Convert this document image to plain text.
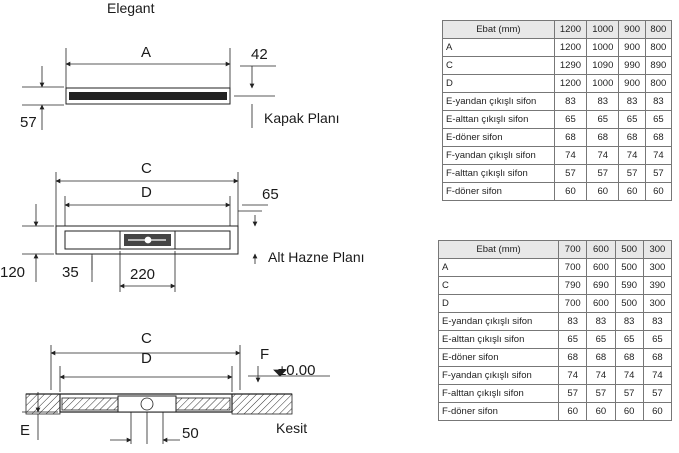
Elegant
A	42
57	Kapak Planı
C
D	65
120 35	220
Alt Hazne Planı
C
D	F
±0.00
E	50	Kesit
Ebat (mm)	1200	1000	900	800
A	1200	1000	900	800
C	1290	1090	990	890
D	1200	1000	900	800
E-yandan çıkışlı sifon	83	83	83	83
E-alttan çıkışlı sifon	65	65	65	65
E-döner sifon	68	68	68	68
F-yandan çıkışlı sifon	74	74	74	74
F-alttan çıkışlı sifon	57	57	57	57
F-döner sifon	60	60	60	60
Ebat (mm)	700	600	500	300
A	700	600	500	300
C	790	690	590	390
D	700	600	500	300
E-yandan çıkışlı sifon	83	83	83	83
E-alttan çıkışlı sifon	65	65	65	65
E-döner sifon	68	68	68	68
F-yandan çıkışlı sifon	74	74	74	74
F-alttan çıkışlı sifon	57	57	57	57
F-döner sifon	60	60	60	60
